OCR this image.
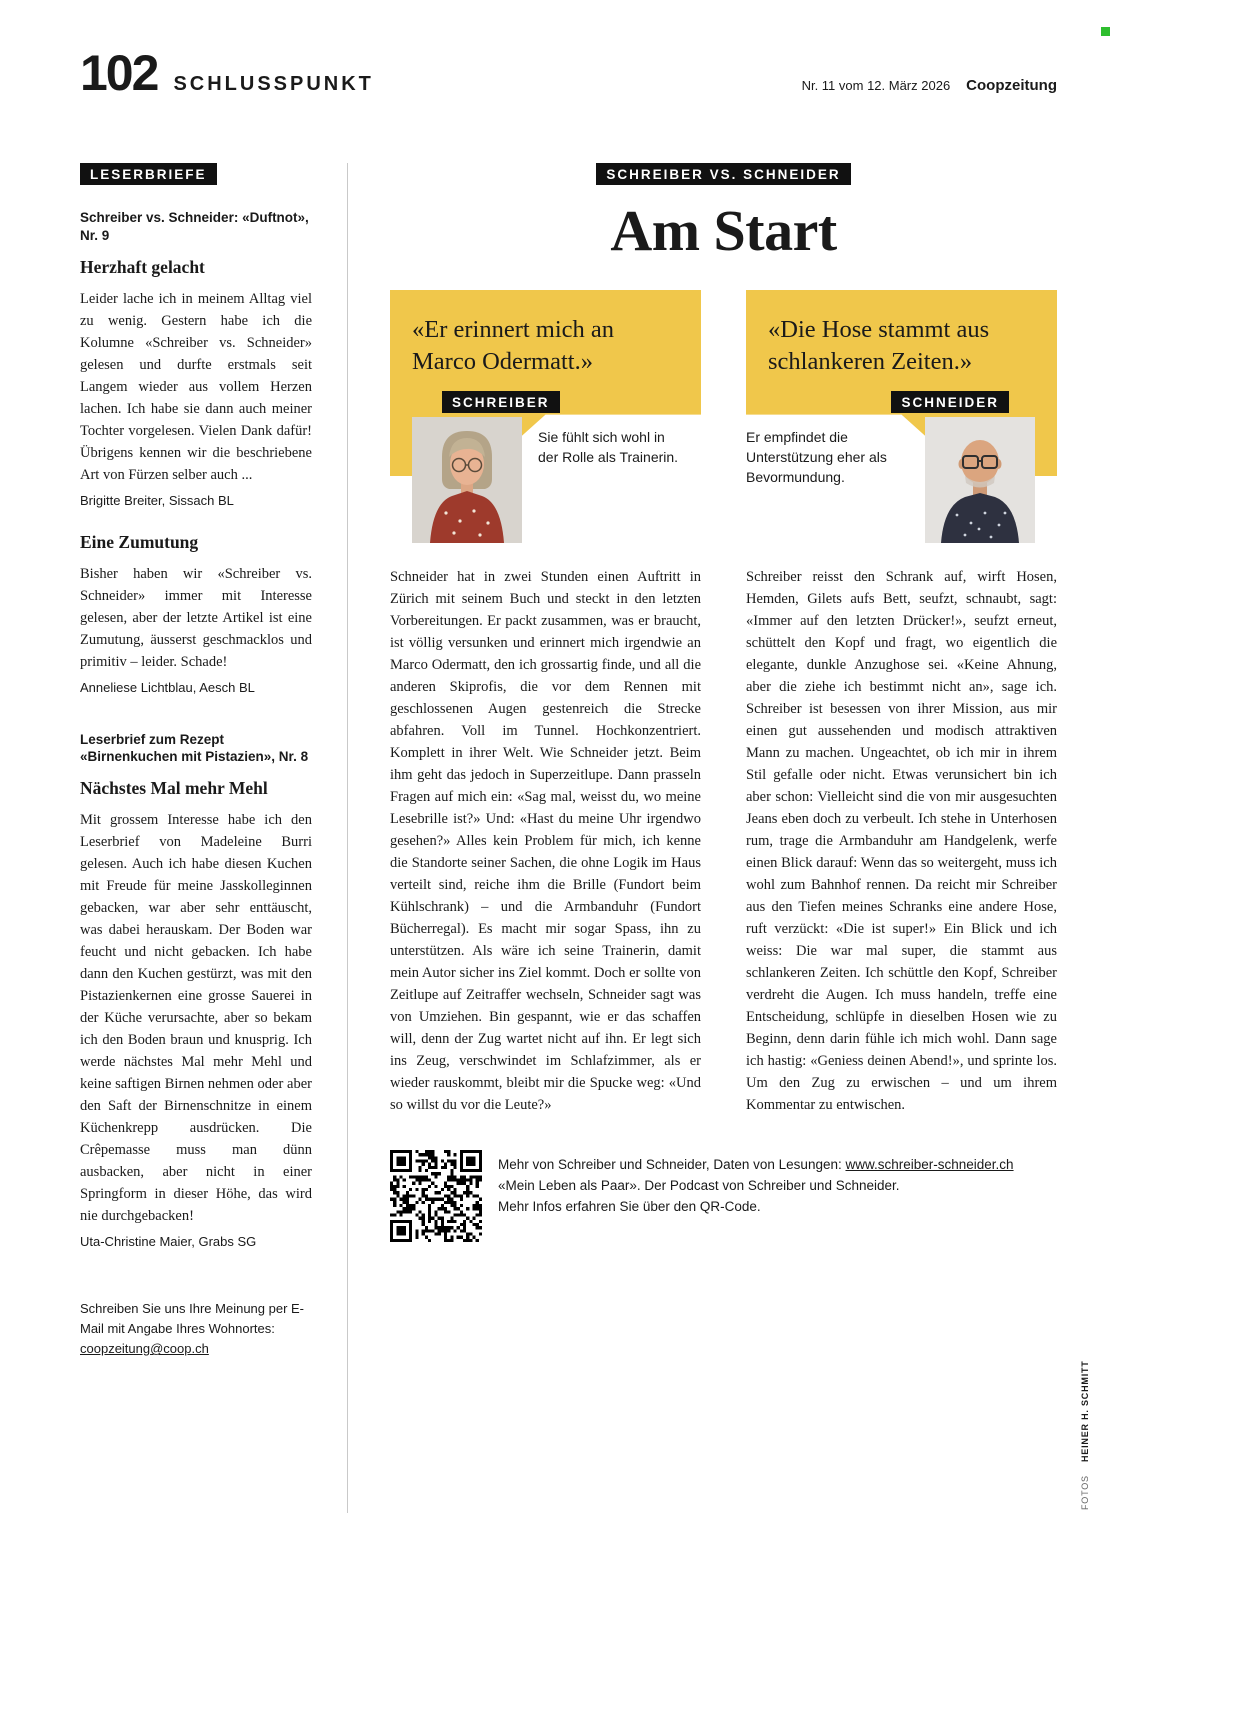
102 SCHLUSSPUNKT	Nr. 11 vom 12. März 2026 Coopzeitung
LESERBRIEFE
Schreiber vs. Schneider: «Duftnot», Nr. 9
Herzhaft gelacht
Leider lache ich in meinem Alltag viel zu wenig. Gestern habe ich die Kolumne «Schreiber vs. Schneider» gelesen und durfte erstmals seit Langem wieder aus vollem Herzen lachen. Ich habe sie dann auch meiner Tochter vorgelesen. Vielen Dank dafür! Übrigens kennen wir die beschriebene Art von Fürzen selber auch ...
Brigitte Breiter, Sissach BL
Eine Zumutung
Bisher haben wir «Schreiber vs. Schneider» immer mit Interesse gelesen, aber der letzte Artikel ist eine Zumutung, äusserst geschmacklos und primitiv – leider. Schade!
Anneliese Lichtblau, Aesch BL
Leserbrief zum Rezept «Birnenkuchen mit Pistazien», Nr. 8
Nächstes Mal mehr Mehl
Mit grossem Interesse habe ich den Leserbrief von Madeleine Burri gelesen. Auch ich habe diesen Kuchen mit Freude für meine Jasskolleginnen gebacken, war aber sehr enttäuscht, was dabei herauskam. Der Boden war feucht und nicht gebacken. Ich habe dann den Kuchen gestürzt, was mit den Pistazienkernen eine grosse Sauerei in der Küche verursachte, aber so bekam ich den Boden braun und knusprig. Ich werde nächstes Mal mehr Mehl und keine saftigen Birnen nehmen oder aber den Saft der Birnenschnitze in einem Küchenkrepp ausdrücken. Die Crêpemasse muss man dünn ausbacken, aber nicht in einer Springform in dieser Höhe, das wird nie durchgebacken!
Uta-Christine Maier, Grabs SG
Schreiben Sie uns Ihre Meinung per E-Mail mit Angabe Ihres Wohnortes:
coopzeitung@coop.ch
SCHREIBER VS. SCHNEIDER
Am Start
«Er erinnert mich an Marco Odermatt.»
SCHREIBER
Sie fühlt sich wohl in der Rolle als Trainerin.
«Die Hose stammt aus schlankeren Zeiten.»
SCHNEIDER
Er empfindet die Unterstützung eher als Bevormundung.
Schneider hat in zwei Stunden einen Auftritt in Zürich mit seinem Buch und steckt in den letzten Vorbereitungen. Er packt zusammen, was er braucht, ist völlig versunken und erinnert mich irgendwie an Marco Odermatt, den ich grossartig finde, und all die anderen Skiprofis, die vor dem Rennen mit geschlossenen Augen gestenreich die Strecke abfahren. Voll im Tunnel. Hochkonzentriert. Komplett in ihrer Welt. Wie Schneider jetzt. Beim ihm geht das jedoch in Superzeitlupe. Dann prasseln Fragen auf mich ein: «Sag mal, weisst du, wo meine Lesebrille ist?» Und: «Hast du meine Uhr irgendwo gesehen?» Alles kein Problem für mich, ich kenne die Standorte seiner Sachen, die ohne Logik im Haus verteilt sind, reiche ihm die Brille (Fundort beim Kühlschrank) – und die Armbanduhr (Fundort Bücherregal). Es macht mir sogar Spass, ihn zu unterstützen. Als wäre ich seine Trainerin, damit mein Autor sicher ins Ziel kommt. Doch er sollte von Zeitlupe auf Zeitraffer wechseln, Schneider sagt was von Umziehen. Bin gespannt, wie er das schaffen will, denn der Zug wartet nicht auf ihn. Er legt sich ins Zeug, verschwindet im Schlafzimmer, als er wieder rauskommt, bleibt mir die Spucke weg: «Und so willst du vor die Leute?»
Schreiber reisst den Schrank auf, wirft Hosen, Hemden, Gilets aufs Bett, seufzt, schnaubt, sagt: «Immer auf den letzten Drücker!», seufzt erneut, schüttelt den Kopf und fragt, wo eigentlich die elegante, dunkle Anzughose sei. «Keine Ahnung, aber die ziehe ich bestimmt nicht an», sage ich. Schreiber ist besessen von ihrer Mission, aus mir einen gut aussehenden und modisch attraktiven Mann zu machen. Ungeachtet, ob ich mir in ihrem Stil gefalle oder nicht. Etwas verunsichert bin ich aber schon: Vielleicht sind die von mir ausgesuchten Jeans eben doch zu verbeult. Ich stehe in Unterhosen rum, trage die Armbanduhr am Handgelenk, werfe einen Blick darauf: Wenn das so weitergeht, muss ich wohl zum Bahnhof rennen. Da reicht mir Schreiber aus den Tiefen meines Schranks eine andere Hose, ruft verzückt: «Die ist super!» Ein Blick und ich weiss: Die war mal super, die stammt aus schlankeren Zeiten. Ich schüttle den Kopf, Schreiber verdreht die Augen. Ich muss handeln, treffe eine Entscheidung, schlüpfe in dieselben Hosen wie zu Beginn, denn darin fühle ich mich wohl. Dann sage ich hastig: «Geniess deinen Abend!», und sprinte los. Um den Zug zu erwischen – und um ihrem Kommentar zu entwischen.
Mehr von Schreiber und Schneider, Daten von Lesungen: www.schreiber-schneider.ch
«Mein Leben als Paar». Der Podcast von Schreiber und Schneider.
Mehr Infos erfahren Sie über den QR-Code.
FOTOS HEINER H. SCHMITT
